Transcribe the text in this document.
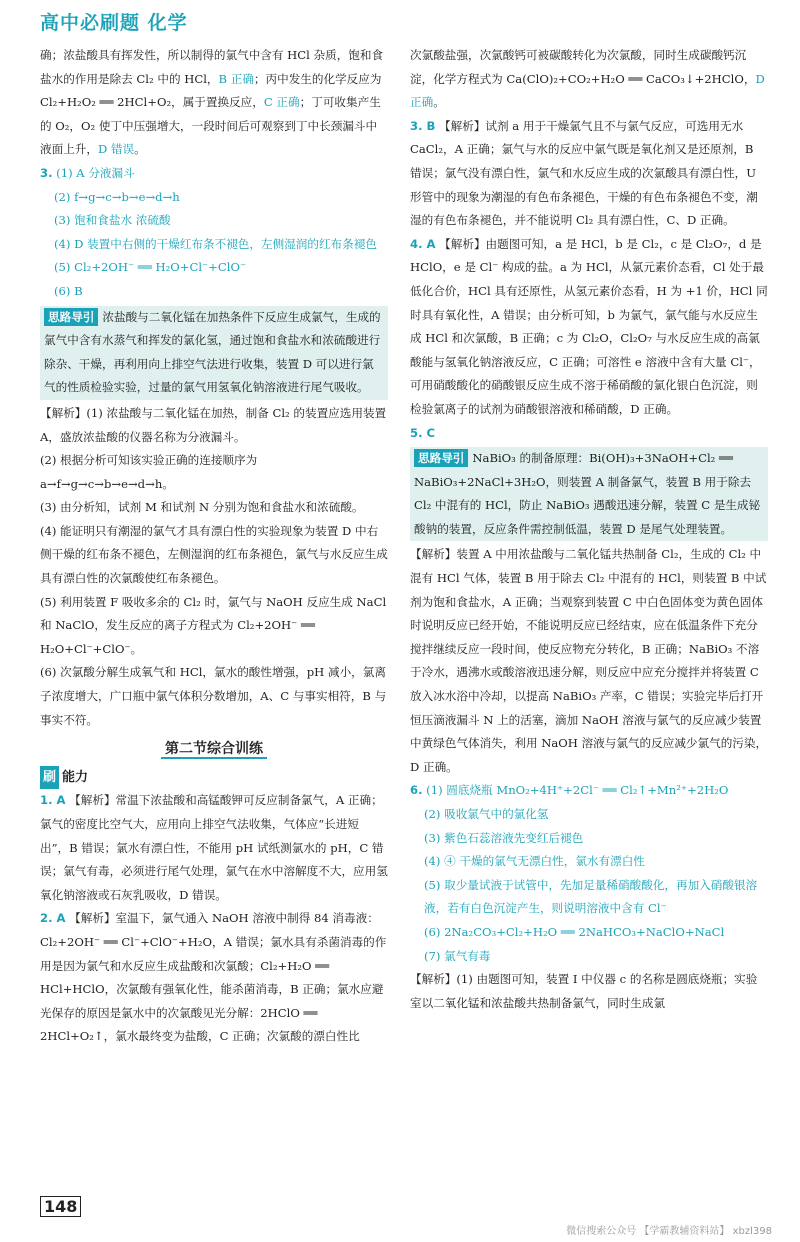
高中必刷题 化学

确；浓盐酸具有挥发性，所以制得的氯气中含有 HCl 杂质，饱和食盐水的作用是除去 Cl₂ 中的 HCl，B 正确；丙中发生的化学反应为 Cl₂+H₂O₂ ══ 2HCl+O₂，属于置换反应，C 正确；丁可收集产生的 O₂，O₂ 使丁中压强增大，一段时间后可观察到丁中长颈漏斗中液面上升，D 错误。

3. (1) A 分液漏斗

(2) f→g→c→b→e→d→h

(3) 饱和食盐水 浓硫酸

(4) D 装置中右侧的干燥红布条不褪色，左侧湿润的红布条褪色

(5) Cl₂+2OH⁻ ══ H₂O+Cl⁻+ClO⁻

(6) B

思路导引 浓盐酸与二氧化锰在加热条件下反应生成氯气，生成的氯气中含有水蒸气和挥发的氯化氢，通过饱和食盐水和浓硫酸进行除杂、干燥，再利用向上排空气法进行收集，装置 D 可以进行氯气的性质检验实验，过量的氯气用氢氧化钠溶液进行尾气吸收。

【解析】(1) 浓盐酸与二氧化锰在加热，制备 Cl₂ 的装置应选用装置 A，盛放浓盐酸的仪器名称为分液漏斗。

(2) 根据分析可知该实验正确的连接顺序为 a→f→g→c→b→e→d→h。

(3) 由分析知，试剂 M 和试剂 N 分别为饱和食盐水和浓硫酸。

(4) 能证明只有潮湿的氯气才具有漂白性的实验现象为装置 D 中右侧干燥的红布条不褪色，左侧湿润的红布条褪色，氯气与水反应生成具有漂白性的次氯酸使红布条褪色。

(5) 利用装置 F 吸收多余的 Cl₂ 时，氯气与 NaOH 反应生成 NaCl 和 NaClO，发生反应的离子方程式为 Cl₂+2OH⁻ ══ H₂O+Cl⁻+ClO⁻。

(6) 次氯酸分解生成氧气和 HCl，氯水的酸性增强，pH 减小，氯离子浓度增大，广口瓶中氯气体积分数增加，A、C 与事实相符，B 与事实不符。

第二节综合训练
刷 能力

1. A 【解析】常温下浓盐酸和高锰酸钾可反应制备氯气，A 正确；氯气的密度比空气大，应用向上排空气法收集，气体应“长进短出”，B 错误；氯水有漂白性，不能用 pH 试纸测氯水的 pH，C 错误；氯气有毒，必须进行尾气处理，氯气在水中溶解度不大，应用氢氧化钠溶液或石灰乳吸收，D 错误。

2. A 【解析】室温下，氯气通入 NaOH 溶液中制得 84 消毒液：Cl₂+2OH⁻ ══ Cl⁻+ClO⁻+H₂O，A 错误；氯水具有杀菌消毒的作用是因为氯气和水反应生成盐酸和次氯酸；Cl₂+H₂O ══ HCl+HClO，次氯酸有强氧化性，能杀菌消毒，B 正确；氯水应避光保存的原因是氯水中的次氯酸见光分解：2HClO ══ 2HCl+O₂↑，氯水最终变为盐酸，C 正确；次氯酸的漂白性比

次氯酸盐强，次氯酸钙可被碳酸转化为次氯酸，同时生成碳酸钙沉淀，化学方程式为 Ca(ClO)₂+CO₂+H₂O ══ CaCO₃↓+2HClO，D 正确。

3. B 【解析】试剂 a 用于干燥氯气且不与氯气反应，可选用无水 CaCl₂，A 正确；氯气与水的反应中氯气既是氧化剂又是还原剂，B 错误；氯气没有漂白性，氯气和水反应生成的次氯酸具有漂白性，U 形管中的现象为潮湿的有色布条褪色，干燥的有色布条褪色不变，潮湿的有色布条褪色，并不能说明 Cl₂ 具有漂白性，C、D 正确。

4. A 【解析】由题图可知，a 是 HCl，b 是 Cl₂，c 是 Cl₂O₇，d 是 HClO，e 是 Cl⁻ 构成的盐。a 为 HCl，从氯元素价态看，Cl 处于最低化合价，HCl 具有还原性，从氢元素价态看，H 为 +1 价，HCl 同时具有氧化性，A 错误；由分析可知，b 为氯气，氯气能与水反应生成 HCl 和次氯酸，B 正确；c 为 Cl₂O，Cl₂O₇ 与水反应生成的高氯酸能与氢氧化钠溶液反应，C 正确；可溶性 e 溶液中含有大量 Cl⁻，可用硝酸酸化的硝酸银反应生成不溶于稀硝酸的氯化银白色沉淀，则检验氯离子的试剂为硝酸银溶液和稀硝酸，D 正确。

5. C

思路导引 NaBiO₃ 的制备原理：Bi(OH)₃+3NaOH+Cl₂ ══ NaBiO₃+2NaCl+3H₂O，则装置 A 制备氯气，装置 B 用于除去 Cl₂ 中混有的 HCl，防止 NaBiO₃ 遇酸迅速分解，装置 C 是生成铋酸钠的装置，反应条件需控制低温，装置 D 是尾气处理装置。

【解析】装置 A 中用浓盐酸与二氧化锰共热制备 Cl₂，生成的 Cl₂ 中混有 HCl 气体，装置 B 用于除去 Cl₂ 中混有的 HCl，则装置 B 中试剂为饱和食盐水，A 正确；当观察到装置 C 中白色固体变为黄色固体时说明反应已经开始，不能说明反应已经结束，应在低温条件下充分搅拌继续反应一段时间，使反应物充分转化，B 正确；NaBiO₃ 不溶于冷水，遇沸水或酸溶液迅速分解，则反应中应充分搅拌并将装置 C 放入冰水浴中冷却，以提高 NaBiO₃ 产率，C 错误；实验完毕后打开恒压滴液漏斗 N 上的活塞，滴加 NaOH 溶液与氯气的反应减少装置中黄绿色气体消失，利用 NaOH 溶液与氯气的反应减少氯气的污染，D 正确。

6. (1) 圆底烧瓶 MnO₂+4H⁺+2Cl⁻ ══ Cl₂↑+Mn²⁺+2H₂O

(2) 吸收氯气中的氯化氢

(3) 紫色石蕊溶液先变红后褪色

(4) ④ 干燥的氯气无漂白性，氯水有漂白性

(5) 取少量试液于试管中，先加足量稀硝酸酸化，再加入硝酸银溶液，若有白色沉淀产生，则说明溶液中含有 Cl⁻

(6) 2Na₂CO₃+Cl₂+H₂O ══ 2NaHCO₃+NaClO+NaCl

(7) 氯气有毒

【解析】(1) 由题图可知，装置 I 中仪器 c 的名称是圆底烧瓶；实验室以二氧化锰和浓盐酸共热制备氯气，同时生成氯

148
微信搜索公众号 【学霸教辅资料站】 xbzl398
